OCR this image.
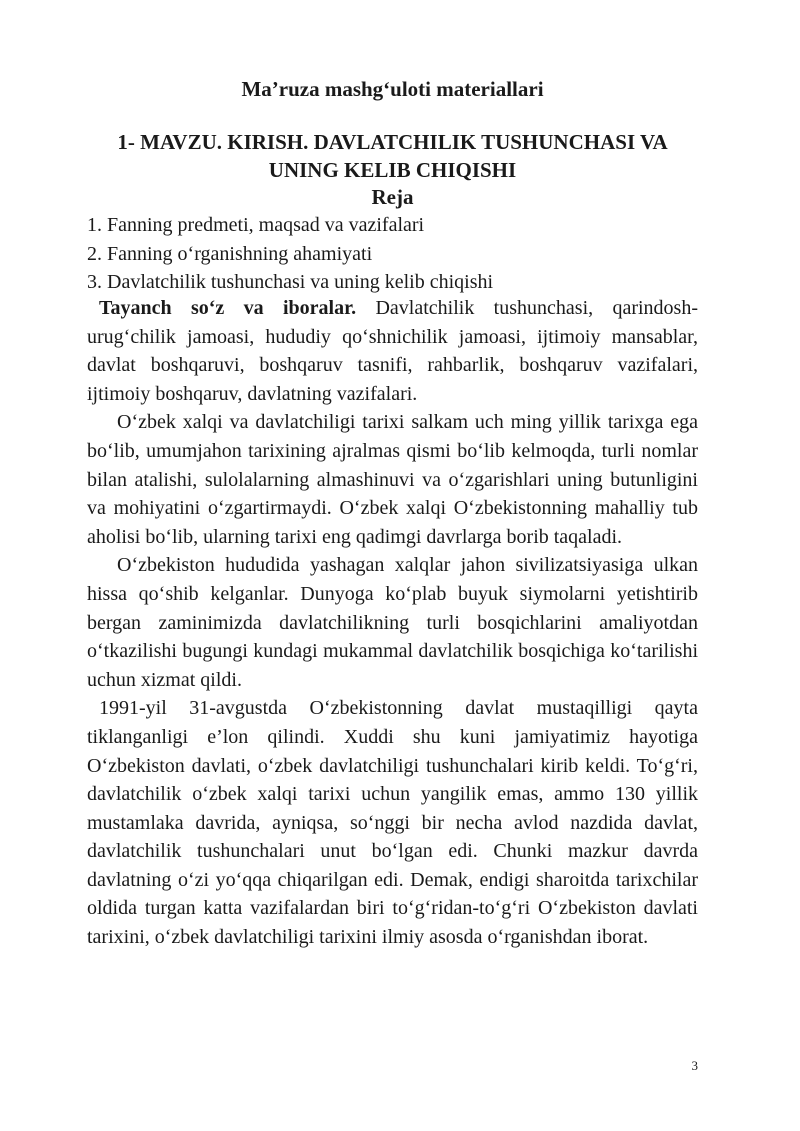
Ma’ruza mashg‘uloti materiallari
1- MAVZU. KIRISH. DAVLATCHILIK TUSHUNCHASI VA
UNING KELIB CHIQISHI
Reja
1. Fanning predmeti, maqsad va vazifalari
2. Fanning o‘rganishning ahamiyati
3. Davlatchilik tushunchasi va uning kelib chiqishi

Tayanch so‘z va iboralar. Davlatchilik tushunchasi, qarindosh-urug‘chilik jamoasi, hududiy qo‘shnichilik jamoasi, ijtimoiy mansablar, davlat boshqaruvi, boshqaruv tasnifi, rahbarlik, boshqaruv vazifalari, ijtimoiy boshqaruv, davlatning vazifalari.

O‘zbek xalqi va davlatchiligi tarixi salkam uch ming yillik tarixga ega bo‘lib, umumjahon tarixining ajralmas qismi bo‘lib kelmoqda, turli nomlar bilan atalishi, sulolalarning almashinuvi va o‘zgarishlari uning butunligini va mohiyatini o‘zgartirmaydi. O‘zbek xalqi O‘zbekistonning mahalliy tub aholisi bo‘lib, ularning tarixi eng qadimgi davrlarga borib taqaladi.

O‘zbekiston hududida yashagan xalqlar jahon sivilizatsiyasiga ulkan hissa qo‘shib kelganlar. Dunyoga ko‘plab buyuk siymolarni yetishtirib bergan zaminimizda davlatchilikning turli bosqichlarini amaliyotdan o‘tkazilishi bugungi kundagi mukammal davlatchilik bosqichiga ko‘tarilishi uchun xizmat qildi.

1991-yil 31-avgustda O‘zbekistonning davlat mustaqilligi qayta tiklanganligi e’lon qilindi. Xuddi shu kuni jamiyatimiz hayotiga O‘zbekiston davlati, o‘zbek davlatchiligi tushunchalari kirib keldi. To‘g‘ri, davlatchilik o‘zbek xalqi tarixi uchun yangilik emas, ammo 130 yillik mustamlaka davrida, ayniqsa, so‘nggi bir necha avlod nazdida davlat, davlatchilik tushunchalari unut bo‘lgan edi. Chunki mazkur davrda davlatning o‘zi yo‘qqa chiqarilgan edi. Demak, endigi sharoitda tarixchilar oldida turgan katta vazifalardan biri to‘g‘ridan-to‘g‘ri O‘zbekiston davlati tarixini, o‘zbek davlatchiligi tarixini ilmiy asosda o‘rganishdan iborat.

3
